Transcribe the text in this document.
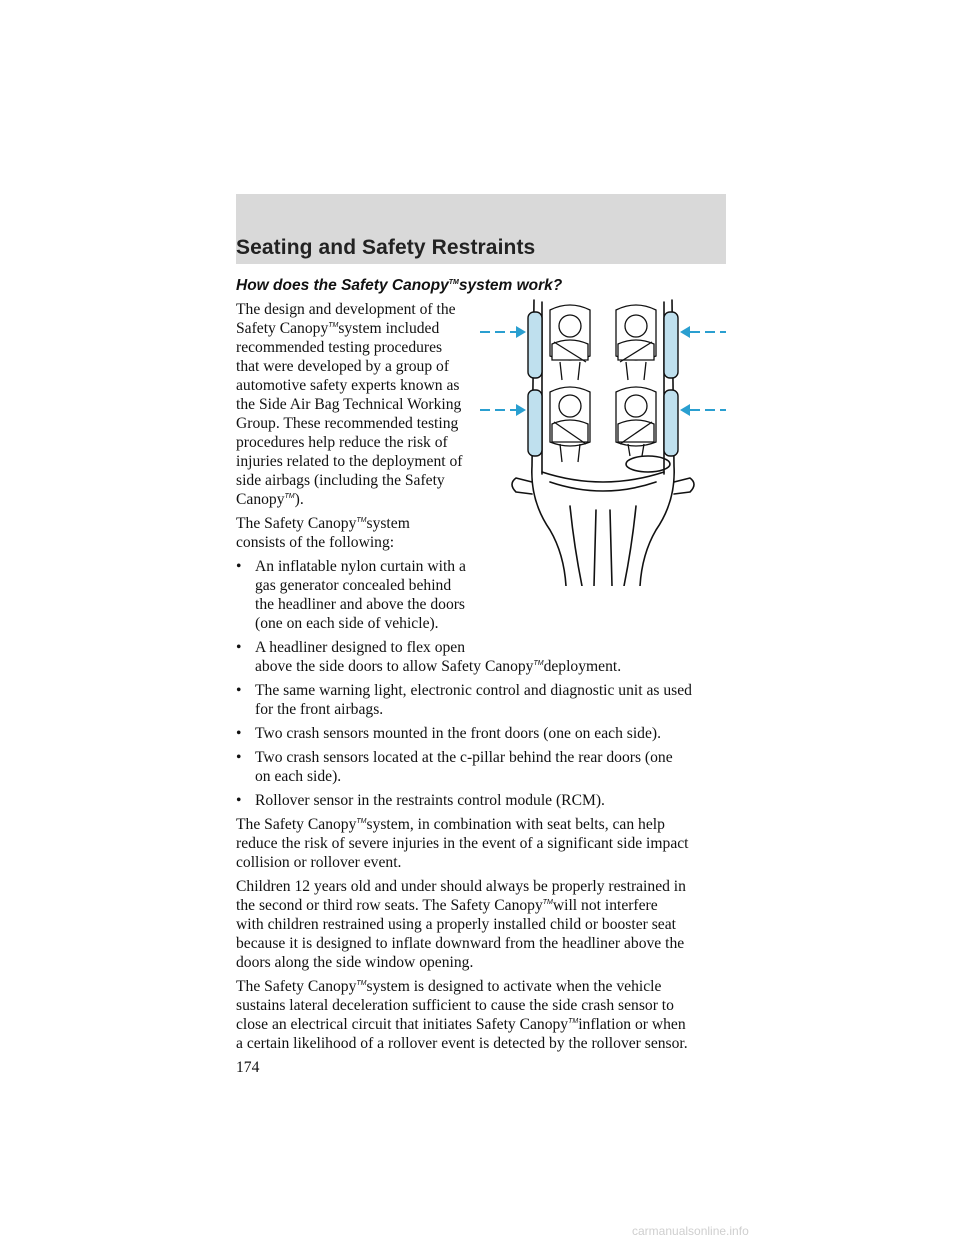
Seating and Safety Restraints

How does the Safety Canopy™system work?

The design and development of the
Safety Canopy™system included
recommended testing procedures
that were developed by a group of
automotive safety experts known as
the Side Air Bag Technical Working
Group. These recommended testing
procedures help reduce the risk of
injuries related to the deployment of
side airbags (including the Safety
Canopy™).

The Safety Canopy™system
consists of the following:

• An inflatable nylon curtain with a
gas generator concealed behind
the headliner and above the doors
(one on each side of vehicle).
• A headliner designed to flex open
above the side doors to allow Safety Canopy™deployment.
• The same warning light, electronic control and diagnostic unit as used
for the front airbags.
• Two crash sensors mounted in the front doors (one on each side).
• Two crash sensors located at the c-pillar behind the rear doors (one
on each side).
• Rollover sensor in the restraints control module (RCM).

The Safety Canopy™system, in combination with seat belts, can help
reduce the risk of severe injuries in the event of a significant side impact
collision or rollover event.

Children 12 years old and under should always be properly restrained in
the second or third row seats. The Safety Canopy™will not interfere
with children restrained using a properly installed child or booster seat
because it is designed to inflate downward from the headliner above the
doors along the side window opening.

The Safety Canopy™system is designed to activate when the vehicle
sustains lateral deceleration sufficient to cause the side crash sensor to
close an electrical circuit that initiates Safety Canopy™inflation or when
a certain likelihood of a rollover event is detected by the rollover sensor.

174

carmanualsonline.info
